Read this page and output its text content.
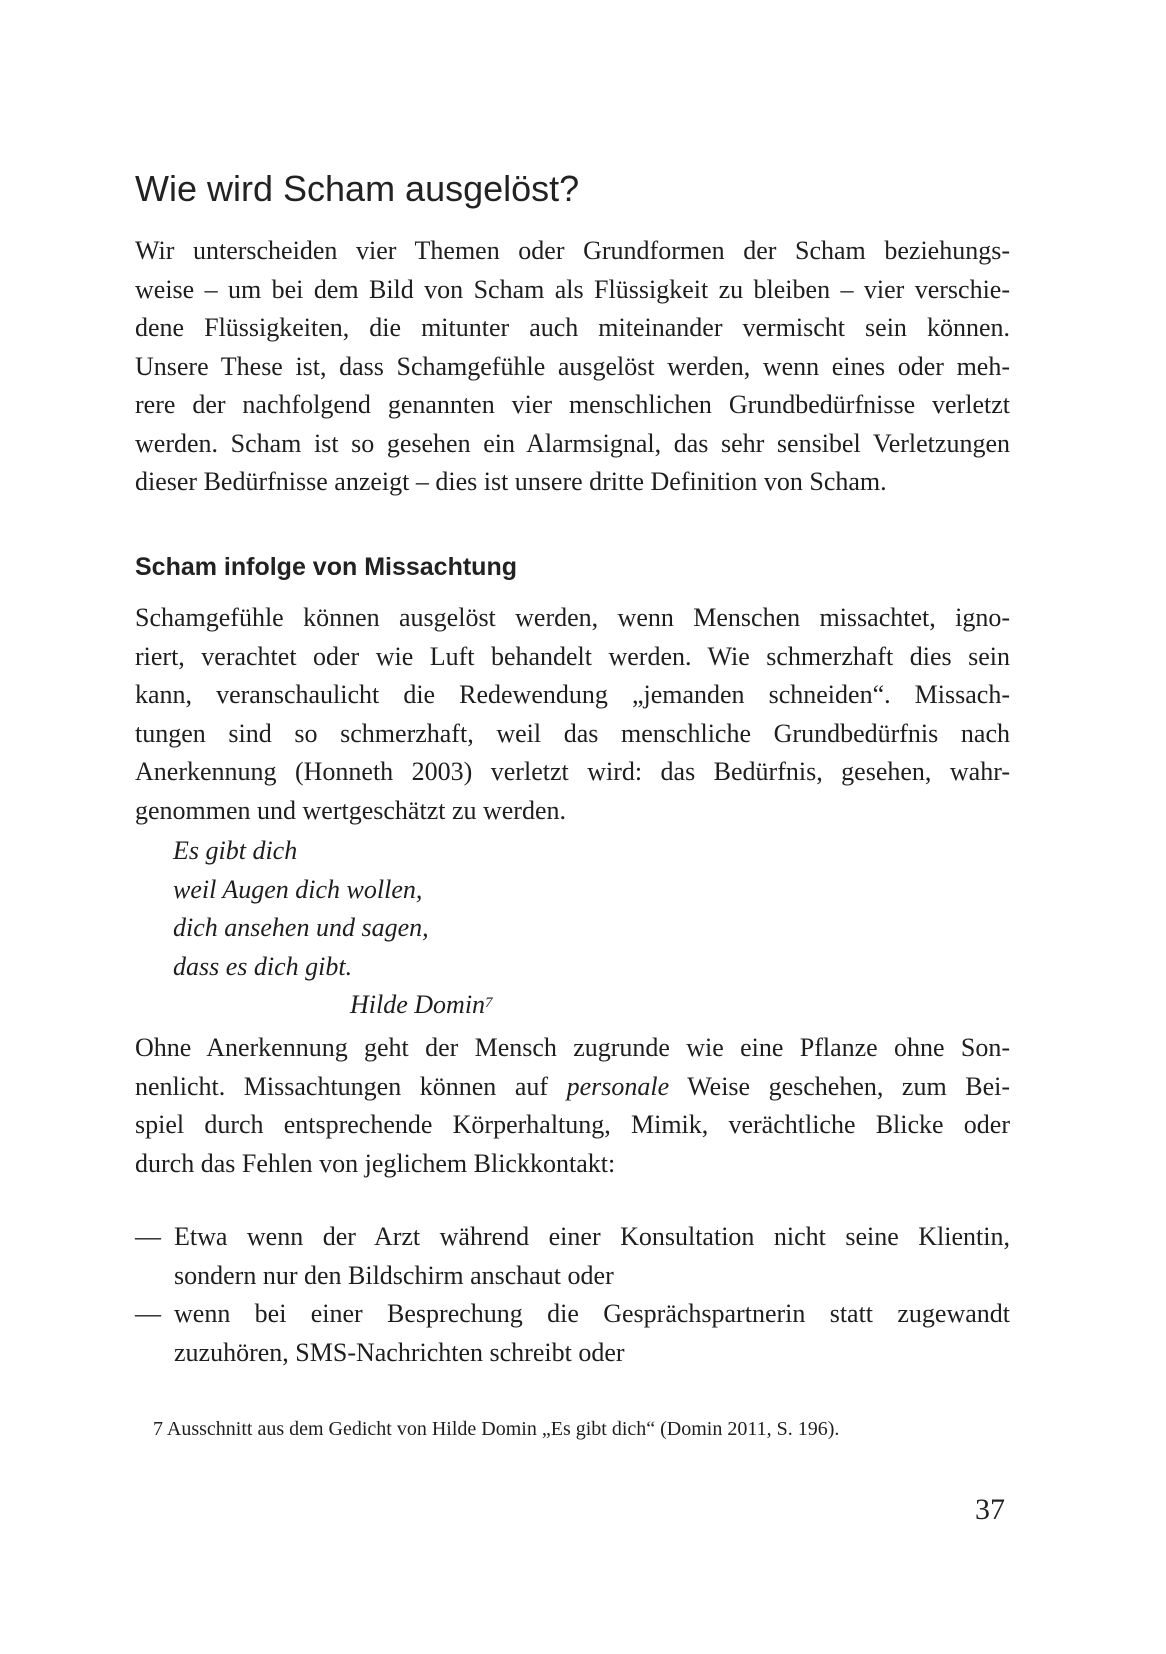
Wie wird Scham ausgelöst?

Wir unterscheiden vier Themen oder Grundformen der Scham beziehungs-
weise – um bei dem Bild von Scham als Flüssigkeit zu bleiben – vier verschie-
dene Flüssigkeiten, die mitunter auch miteinander vermischt sein können.
Unsere These ist, dass Schamgefühle ausgelöst werden, wenn eines oder meh-
rere der nachfolgend genannten vier menschlichen Grundbedürfnisse verletzt
werden. Scham ist so gesehen ein Alarmsignal, das sehr sensibel Verletzungen
dieser Bedürfnisse anzeigt – dies ist unsere dritte Definition von Scham.

Scham infolge von Missachtung

Schamgefühle können ausgelöst werden, wenn Menschen missachtet, igno-
riert, verachtet oder wie Luft behandelt werden. Wie schmerzhaft dies sein
kann, veranschaulicht die Redewendung „jemanden schneiden“. Missach-
tungen sind so schmerzhaft, weil das menschliche Grundbedürfnis nach
Anerkennung (Honneth 2003) verletzt wird: das Bedürfnis, gesehen, wahr-
genommen und wertgeschätzt zu werden.

Es gibt dich
weil Augen dich wollen,
dich ansehen und sagen,
dass es dich gibt.
Hilde Domin$^7$

Ohne Anerkennung geht der Mensch zugrunde wie eine Pflanze ohne Son-
nenlicht. Missachtungen können auf personale Weise geschehen, zum Bei-
spiel durch entsprechende Körperhaltung, Mimik, verächtliche Blicke oder
durch das Fehlen von jeglichem Blickkontakt:

— Etwa wenn der Arzt während einer Konsultation nicht seine Klientin,
sondern nur den Bildschirm anschaut oder
— wenn bei einer Besprechung die Gesprächspartnerin statt zugewandt
zuzuhören, SMS-Nachrichten schreibt oder

7 Ausschnitt aus dem Gedicht von Hilde Domin „Es gibt dich“ (Domin 2011, S. 196).

37
